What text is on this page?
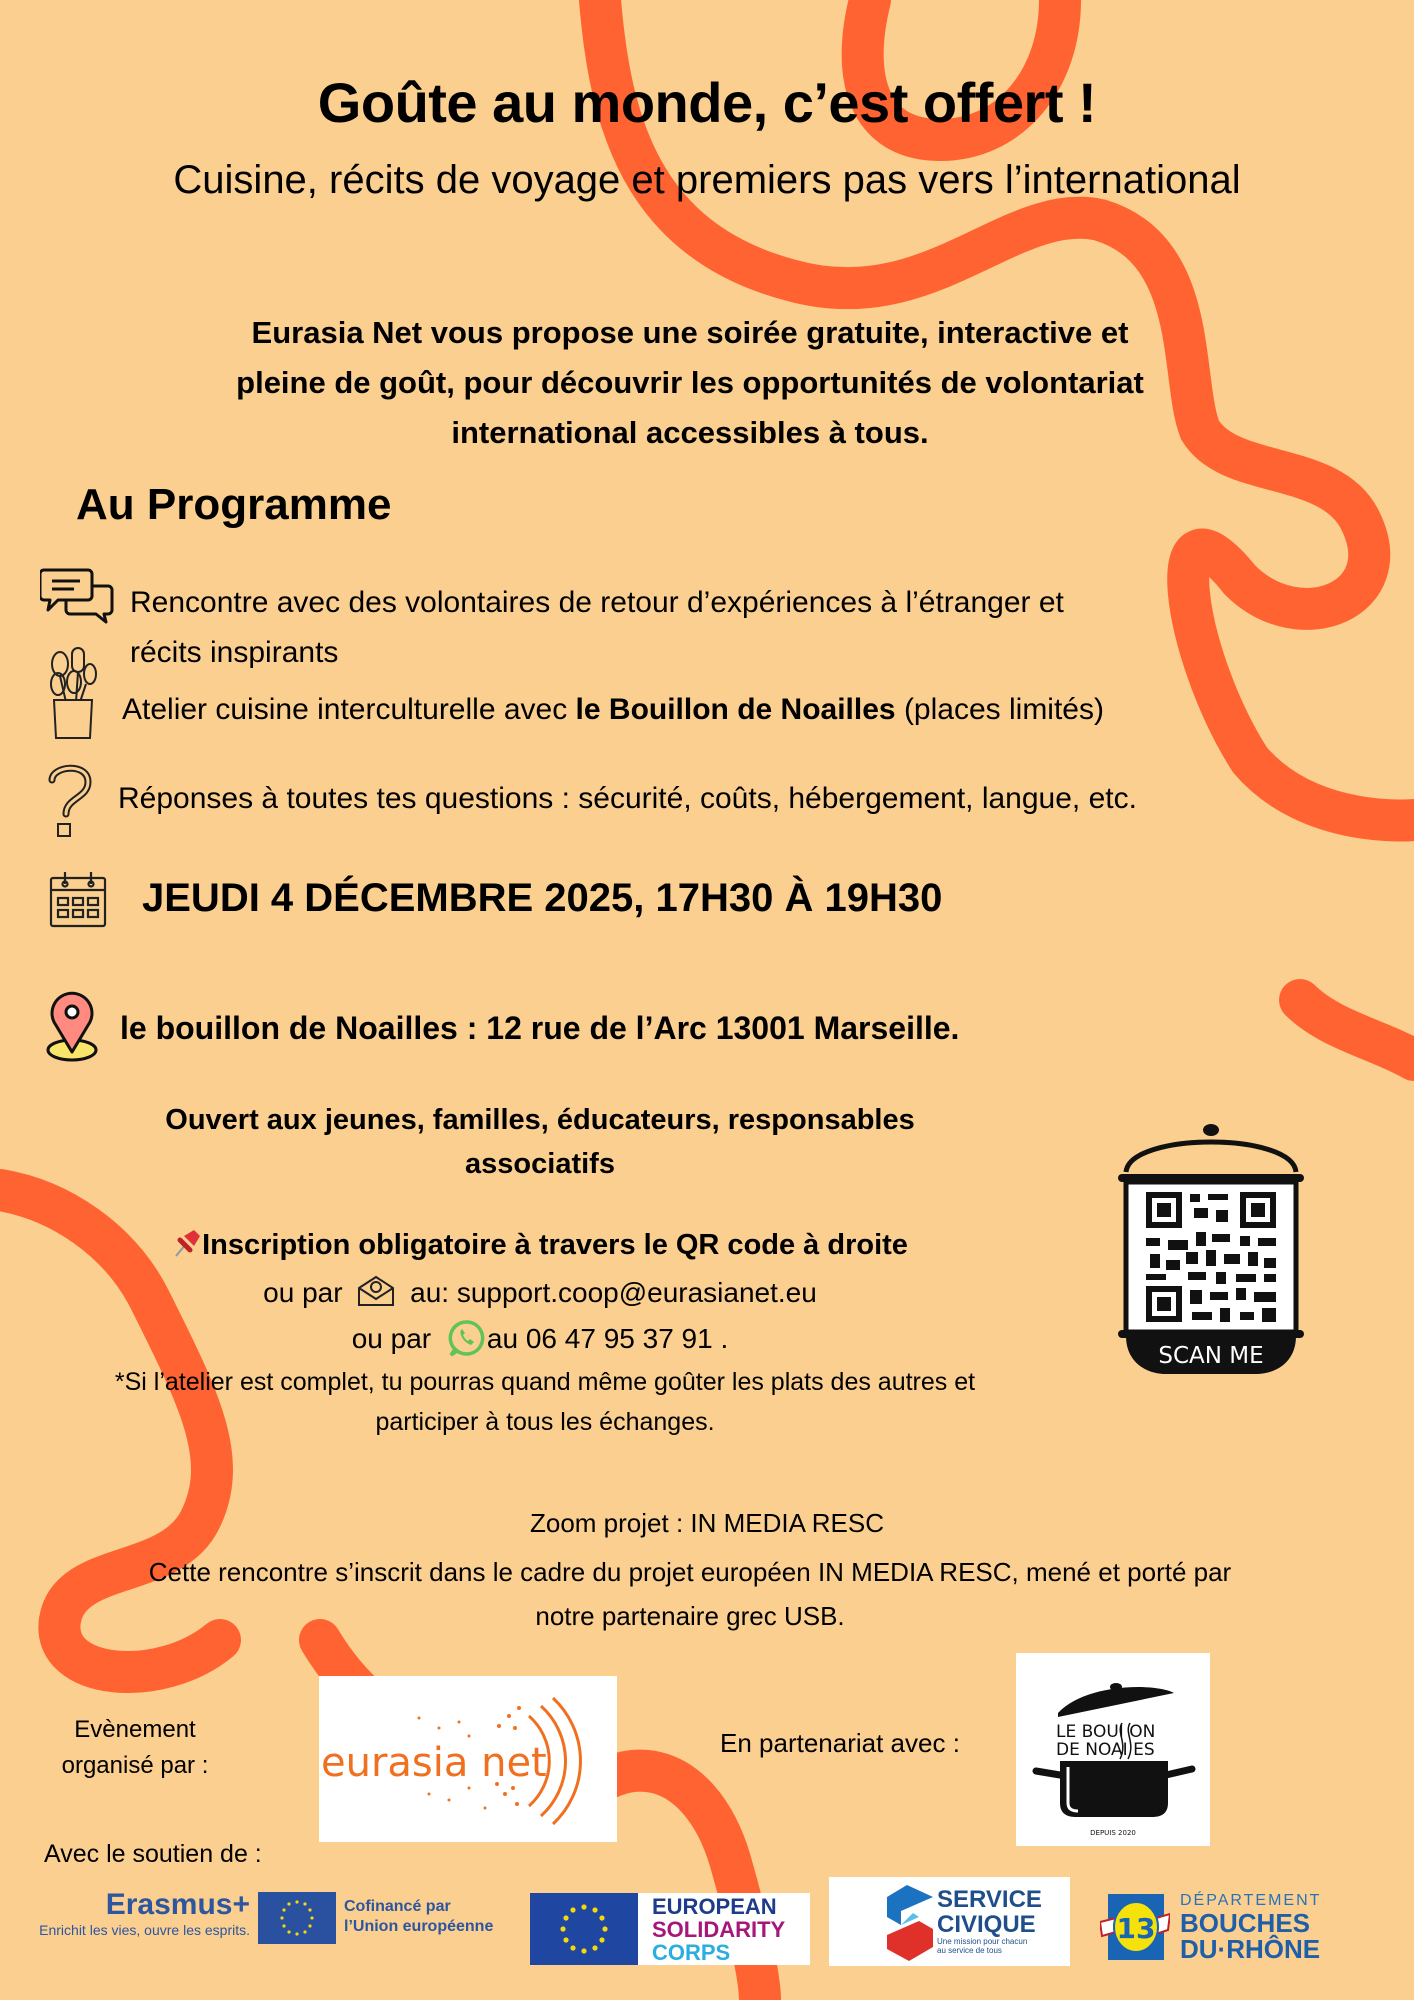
Goûte au monde, c’est offert !
Cuisine, récits de voyage et premiers pas vers l’international
Eurasia Net vous propose une soirée gratuite, interactive et
pleine de goût, pour découvrir les opportunités de volontariat
international accessibles à tous.
Au Programme
Rencontre avec des volontaires de retour d’expériences à l’étranger et
récits inspirants
Atelier cuisine interculturelle avec le Bouillon de Noailles (places limités)
Réponses à toutes tes questions : sécurité, coûts, hébergement, langue, etc.
JEUDI 4 DÉCEMBRE 2025, 17H30 À 19H30
le bouillon de Noailles : 12 rue de l’Arc 13001 Marseille.
Ouvert aux jeunes, familles, éducateurs, responsables
associatifs
Inscription obligatoire à travers le QR code à droite
ou par au: support.coop@eurasianet.eu
ou par au 06 47 95 37 91 .
*Si l’atelier est complet, tu pourras quand même goûter les plats des autres et
participer à tous les échanges.
SCAN ME
Zoom projet : IN MEDIA RESC
Cette rencontre s’inscrit dans le cadre du projet européen IN MEDIA RESC, mené et porté par
notre partenaire grec USB.
Evènement
organisé par :	eurasia net	En partenariat avec :	LE BOUI ON
DE NOAI ES
DEPUIS 2020
Avec le soutien de :
Erasmus+
Enrichit les vies, ouvre les esprits.
Cofinancé par
l’Union européenne
EUROPEAN
SOLIDARITY
CORPS
SERVICE
CIVIQUE
Une mission pour chacun
au service de tous
13
DÉPARTEMENT
BOUCHES
DU·RHÔNE
